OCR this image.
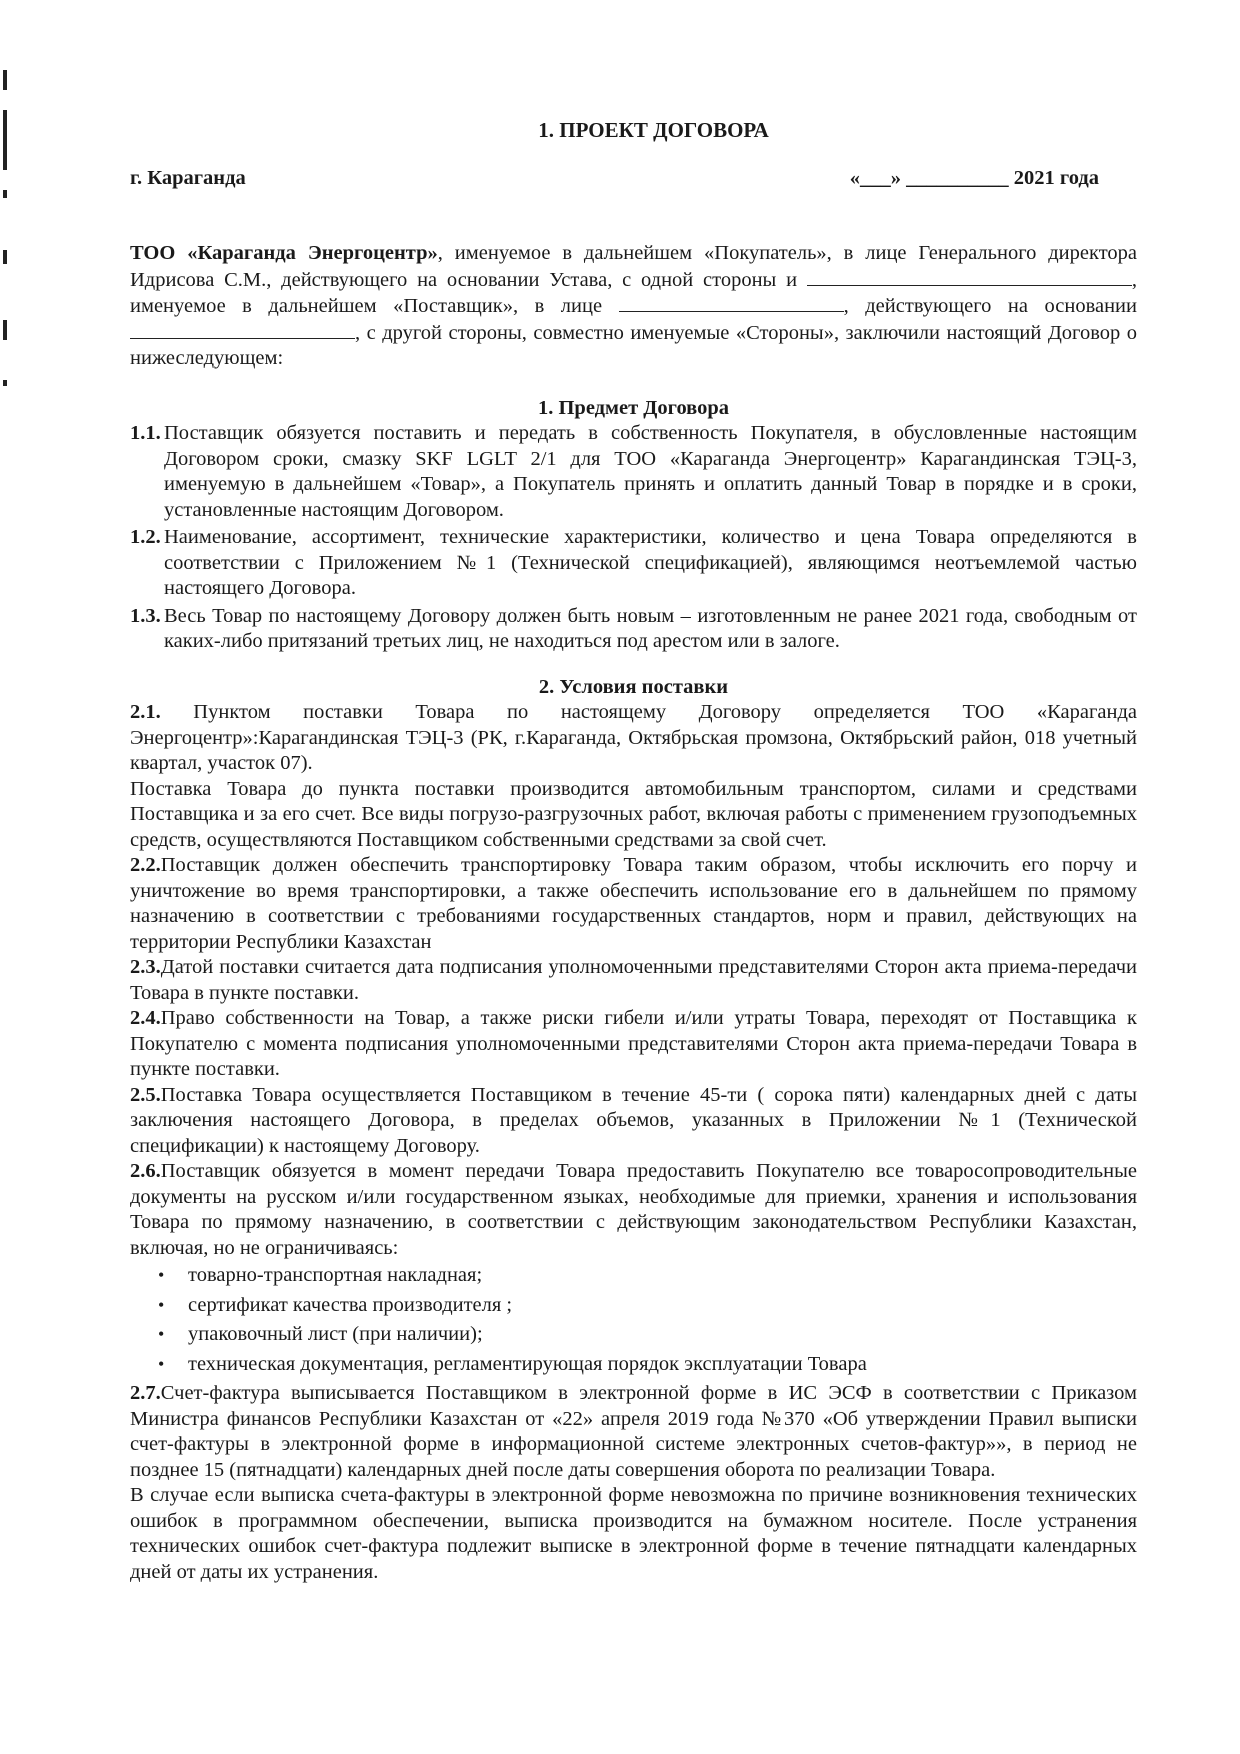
1. ПРОЕКТ ДОГОВОРА
г. Караганда	«___» __________ 2021 года

ТОО «Караганда Энергоцентр», именуемое в дальнейшем «Покупатель», в лице Генерального директора Идрисова С.М., действующего на основании Устава, с одной стороны и	, именуемое в дальнейшем «Поставщик», в лице	, действующего на основании , с другой стороны, совместно именуемые «Стороны», заключили настоящий Договор о нижеследующем:

1. Предмет Договора

1.1. Поставщик обязуется поставить и передать в собственность Покупателя, в обусловленные настоящим Договором сроки, смазку SKF LGLT 2/1 для ТОО «Караганда Энергоцентр» Карагандинская ТЭЦ-3, именуемую в дальнейшем «Товар», а Покупатель принять и оплатить данный Товар в порядке и в сроки, установленные настоящим Договором.
1.2. Наименование, ассортимент, технические характеристики, количество и цена Товара определяются в соответствии с Приложением №1 (Технической спецификацией), являющимся неотъемлемой частью настоящего Договора.
1.3. Весь Товар по настоящему Договору должен быть новым – изготовленным не ранее 2021 года, свободным от каких-либо притязаний третьих лиц, не находиться под арестом или в залоге.

2. Условия поставки

2.1. Пунктом поставки Товара по настоящему Договору определяется ТОО «Караганда Энергоцентр»:Карагандинская ТЭЦ-3 (РК, г.Караганда, Октябрьская промзона, Октябрьский район, 018 учетный квартал, участок 07).

Поставка Товара до пункта поставки производится автомобильным транспортом, силами и средствами Поставщика и за его счет. Все виды погрузо-разгрузочных работ, включая работы с применением грузоподъемных средств, осуществляются Поставщиком собственными средствами за свой счет.

2.2.Поставщик должен обеспечить транспортировку Товара таким образом, чтобы исключить его порчу и уничтожение во время транспортировки, а также обеспечить использование его в дальнейшем по прямому назначению в соответствии с требованиями государственных стандартов, норм и правил, действующих на территории Республики Казахстан

2.3.Датой поставки считается дата подписания уполномоченными представителями Сторон акта приема-передачи Товара в пункте поставки.

2.4.Право собственности на Товар, а также риски гибели и/или утраты Товара, переходят от Поставщика к Покупателю с момента подписания уполномоченными представителями Сторон акта приема-передачи Товара в пункте поставки.

2.5.Поставка Товара осуществляется Поставщиком в течение 45-ти ( сорока пяти) календарных дней с даты заключения настоящего Договора, в пределах объемов, указанных в Приложении №1 (Технической спецификации) к настоящему Договору.

2.6.Поставщик обязуется в момент передачи Товара предоставить Покупателю все товаросопроводительные документы на русском и/или государственном языках, необходимые для приемки, хранения и использования Товара по прямому назначению, в соответствии с действующим законодательством Республики Казахстан, включая, но не ограничиваясь:

• товарно-транспортная накладная;
• сертификат качества производителя ;
• упаковочный лист (при наличии);
• техническая документация, регламентирующая порядок эксплуатации Товара

2.7.Счет-фактура выписывается Поставщиком в электронной форме в ИС ЭСФ в соответствии с Приказом Министра финансов Республики Казахстан от «22» апреля 2019 года №370 «Об утверждении Правил выписки счет-фактуры в электронной форме в информационной системе электронных счетов-фактур»», в период не позднее 15 (пятнадцати) календарных дней после даты совершения оборота по реализации Товара.

В случае если выписка счета-фактуры в электронной форме невозможна по причине возникновения технических ошибок в программном обеспечении, выписка производится на бумажном носителе. После устранения технических ошибок счет-фактура подлежит выписке в электронной форме в течение пятнадцати календарных дней от даты их устранения.
